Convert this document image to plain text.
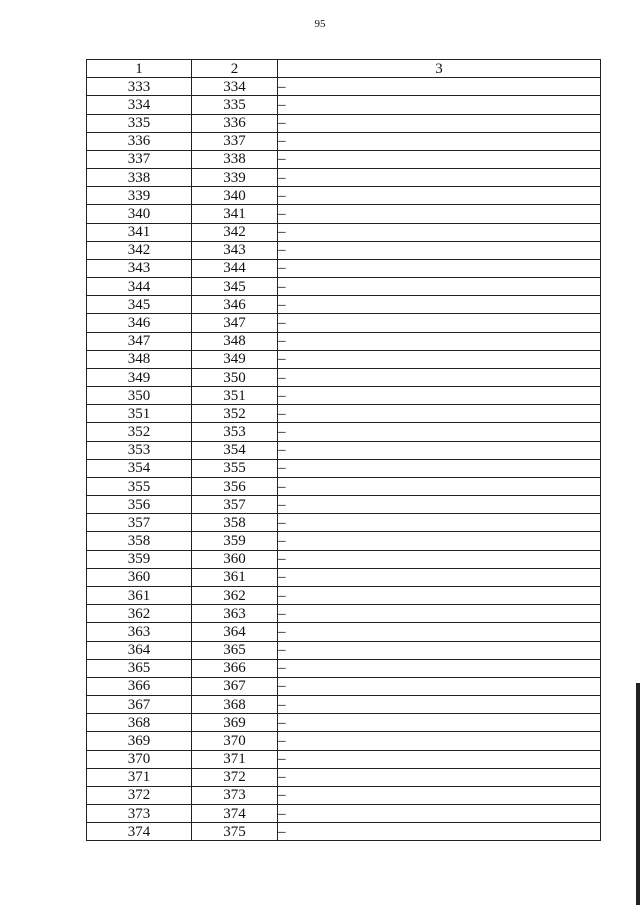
95
1	2	3
333	334	–
334	335	–
335	336	–
336	337	–
337	338	–
338	339	–
339	340	–
340	341	–
341	342	–
342	343	–
343	344	–
344	345	–
345	346	–
346	347	–
347	348	–
348	349	–
349	350	–
350	351	–
351	352	–
352	353	–
353	354	–
354	355	–
355	356	–
356	357	–
357	358	–
358	359	–
359	360	–
360	361	–
361	362	–
362	363	–
363	364	–
364	365	–
365	366	–
366	367	–
367	368	–
368	369	–
369	370	–
370	371	–
371	372	–
372	373	–
373	374	–
374	375	–
